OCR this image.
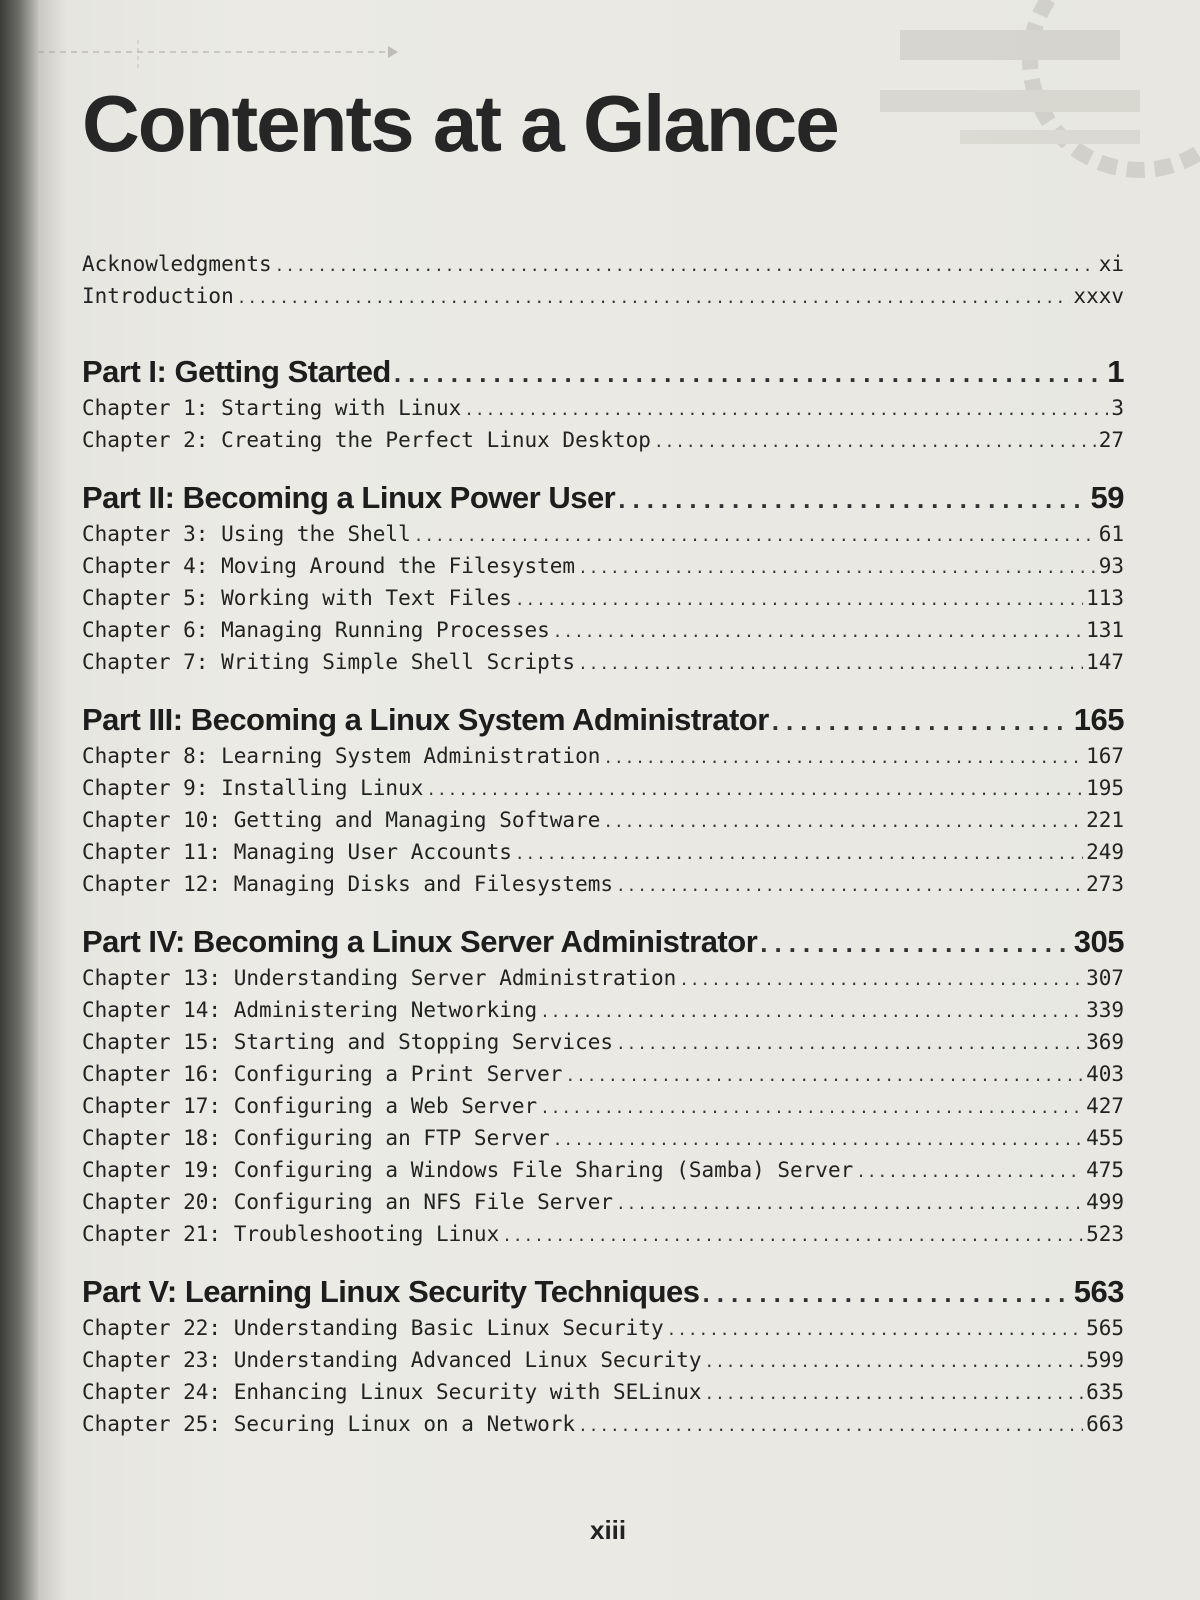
Contents at a Glance
Acknowledgments .....	xi
Introduction .....	xxxv
Part I: Getting Started .....	1
Chapter 1: Starting with Linux .....	3
Chapter 2: Creating the Perfect Linux Desktop .....	27
Part II: Becoming a Linux Power User .....	59
Chapter 3: Using the Shell .....	61
Chapter 4: Moving Around the Filesystem .....	93
Chapter 5: Working with Text Files .....	113
Chapter 6: Managing Running Processes .....	131
Chapter 7: Writing Simple Shell Scripts .....	147
Part III: Becoming a Linux System Administrator .....	165
Chapter 8: Learning System Administration .....	167
Chapter 9: Installing Linux .....	195
Chapter 10: Getting and Managing Software .....	221
Chapter 11: Managing User Accounts .....	249
Chapter 12: Managing Disks and Filesystems .....	273
Part IV: Becoming a Linux Server Administrator .....	305
Chapter 13: Understanding Server Administration .....	307
Chapter 14: Administering Networking .....	339
Chapter 15: Starting and Stopping Services .....	369
Chapter 16: Configuring a Print Server .....	403
Chapter 17: Configuring a Web Server .....	427
Chapter 18: Configuring an FTP Server .....	455
Chapter 19: Configuring a Windows File Sharing (Samba) Server .....	475
Chapter 20: Configuring an NFS File Server .....	499
Chapter 21: Troubleshooting Linux .....	523
Part V: Learning Linux Security Techniques .....	563
Chapter 22: Understanding Basic Linux Security .....	565
Chapter 23: Understanding Advanced Linux Security .....	599
Chapter 24: Enhancing Linux Security with SELinux .....	635
Chapter 25: Securing Linux on a Network .....	663
xiii
